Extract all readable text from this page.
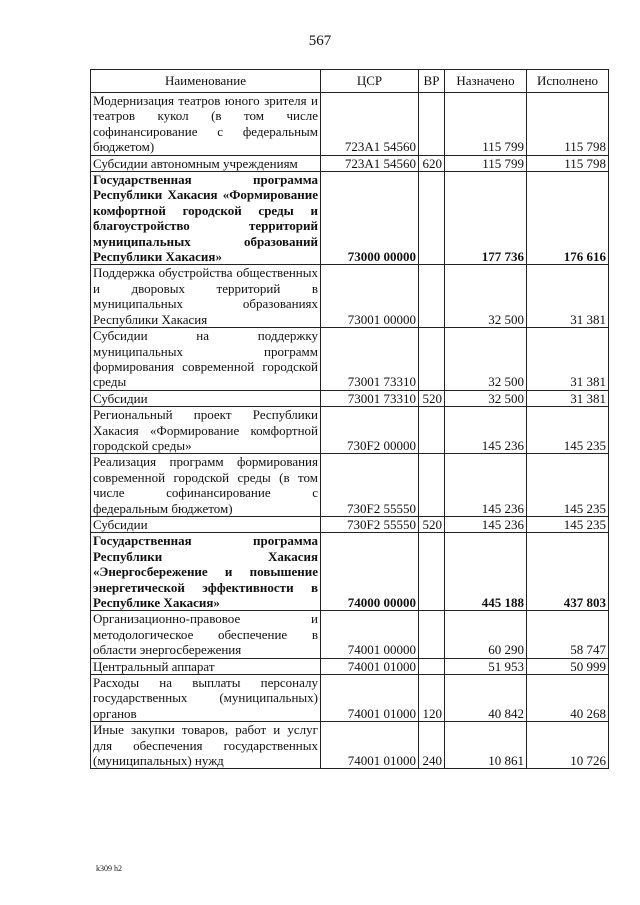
567
Наименование	ЦСР	ВР	Назначено	Исполнено
Модернизация театров юного зрителя и театров кукол (в том числе софинансирование с федеральным бюджетом)	723A1 54560		115 799	115 798
Субсидии автономным учреждениям	723A1 54560	620	115 799	115 798
Государственная программа Республики Хакасия «Формирование комфортной городской среды и благоустройство территорий муниципальных образований Республики Хакасия»	73000 00000		177 736	176 616
Поддержка обустройства общественных и дворовых территорий в муниципальных образованиях Республики Хакасия	73001 00000		32 500	31 381
Субсидии на поддержку муниципальных программ формирования современной городской среды	73001 73310		32 500	31 381
Субсидии	73001 73310	520	32 500	31 381
Региональный проект Республики Хакасия «Формирование комфортной городской среды»	730F2 00000		145 236	145 235
Реализация программ формирования современной городской среды (в том числе софинансирование с федеральным бюджетом)	730F2 55550		145 236	145 235
Субсидии	730F2 55550	520	145 236	145 235
Государственная программа Республики Хакасия «Энергосбережение и повышение энергетической эффективности в Республике Хакасия»	74000 00000		445 188	437 803
Организационно-правовое и методологическое обеспечение в области энергосбережения	74001 00000		60 290	58 747
Центральный аппарат	74001 01000		51 953	50 999
Расходы на выплаты персоналу государственных (муниципальных) органов	74001 01000	120	40 842	40 268
Иные закупки товаров, работ и услуг для обеспечения государственных (муниципальных) нужд	74001 01000	240	10 861	10 726
k309 h2
